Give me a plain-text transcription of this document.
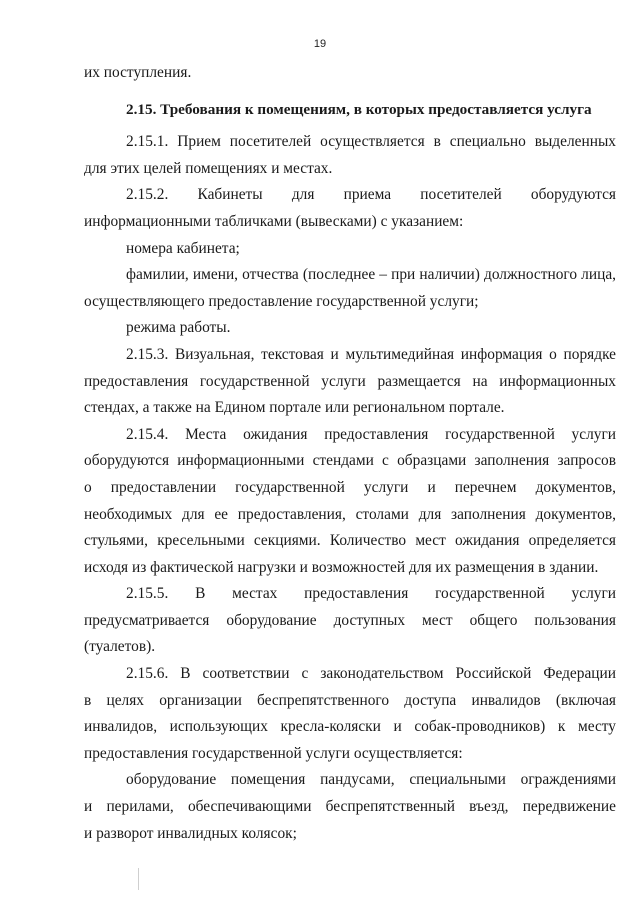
19
их поступления.

2.15. Требования к помещениям, в которых предоставляется услуга

2.15.1. Прием посетителей осуществляется в специально выделенных
для этих целей помещениях и местах.
2.15.2. Кабинеты для приема посетителей оборудуются
информационными табличками (вывесками) с указанием:
номера кабинета;
фамилии, имени, отчества (последнее – при наличии) должностного лица,
осуществляющего предоставление государственной услуги;
режима работы.
2.15.3. Визуальная, текстовая и мультимедийная информация о порядке
предоставления государственной услуги размещается на информационных
стендах, а также на Едином портале или региональном портале.
2.15.4. Места ожидания предоставления государственной услуги
оборудуются информационными стендами с образцами заполнения запросов
о предоставлении государственной услуги и перечнем документов,
необходимых для ее предоставления, столами для заполнения документов,
стульями, кресельными секциями. Количество мест ожидания определяется
исходя из фактической нагрузки и возможностей для их размещения в здании.
2.15.5. В местах предоставления государственной услуги
предусматривается оборудование доступных мест общего пользования
(туалетов).
2.15.6. В соответствии с законодательством Российской Федерации
в целях организации беспрепятственного доступа инвалидов (включая
инвалидов, использующих кресла-коляски и собак-проводников) к месту
предоставления государственной услуги осуществляется:
оборудование помещения пандусами, специальными ограждениями
и перилами, обеспечивающими беспрепятственный въезд, передвижение
и разворот инвалидных колясок;
